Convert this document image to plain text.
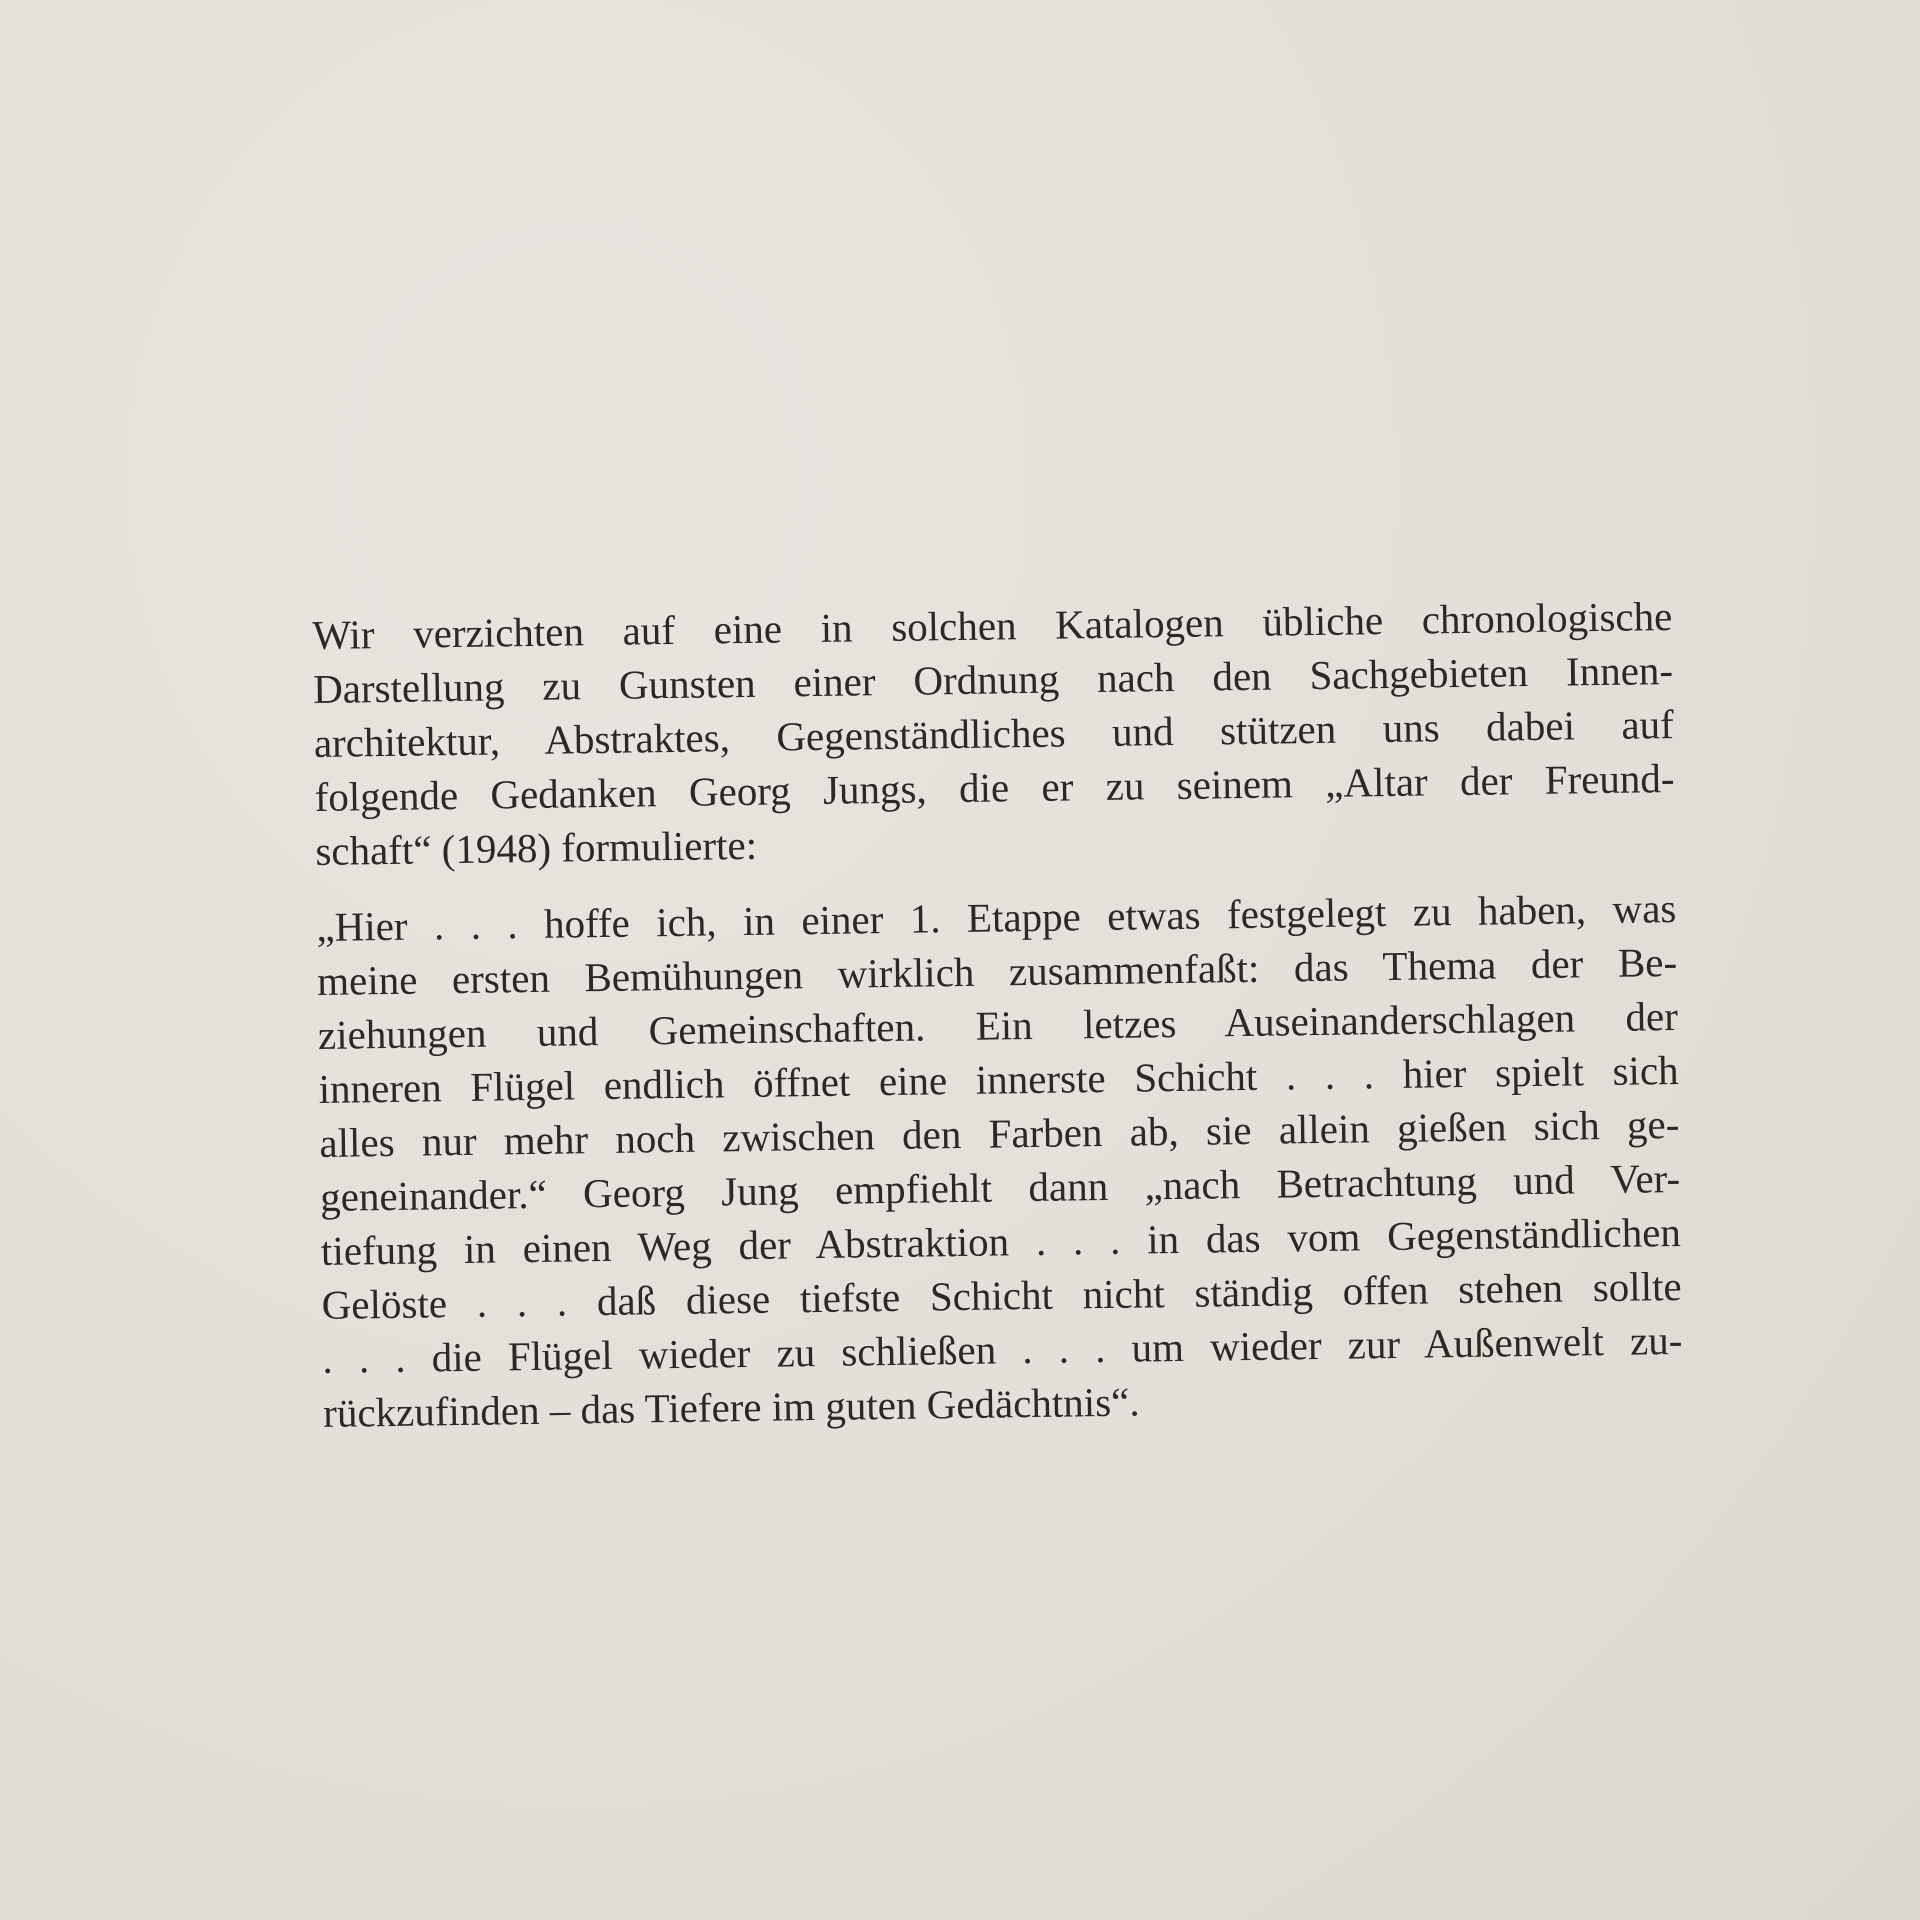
Wir verzichten auf eine in solchen Katalogen übliche chronologische
Darstellung zu Gunsten einer Ordnung nach den Sachgebieten Innen-
architektur, Abstraktes, Gegenständliches und stützen uns dabei auf
folgende Gedanken Georg Jungs, die er zu seinem „Altar der Freund-
schaft“ (1948) formulierte:

„Hier . . . hoffe ich, in einer 1. Etappe etwas festgelegt zu haben, was
meine ersten Bemühungen wirklich zusammenfaßt: das Thema der Be-
ziehungen und Gemeinschaften. Ein letzes Auseinanderschlagen der
inneren Flügel endlich öffnet eine innerste Schicht . . . hier spielt sich
alles nur mehr noch zwischen den Farben ab, sie allein gießen sich ge-
geneinander.“ Georg Jung empfiehlt dann „nach Betrachtung und Ver-
tiefung in einen Weg der Abstraktion . . . in das vom Gegenständlichen
Gelöste . . . daß diese tiefste Schicht nicht ständig offen stehen sollte
. . . die Flügel wieder zu schließen . . . um wieder zur Außenwelt zu-
rückzufinden – das Tiefere im guten Gedächtnis“.
